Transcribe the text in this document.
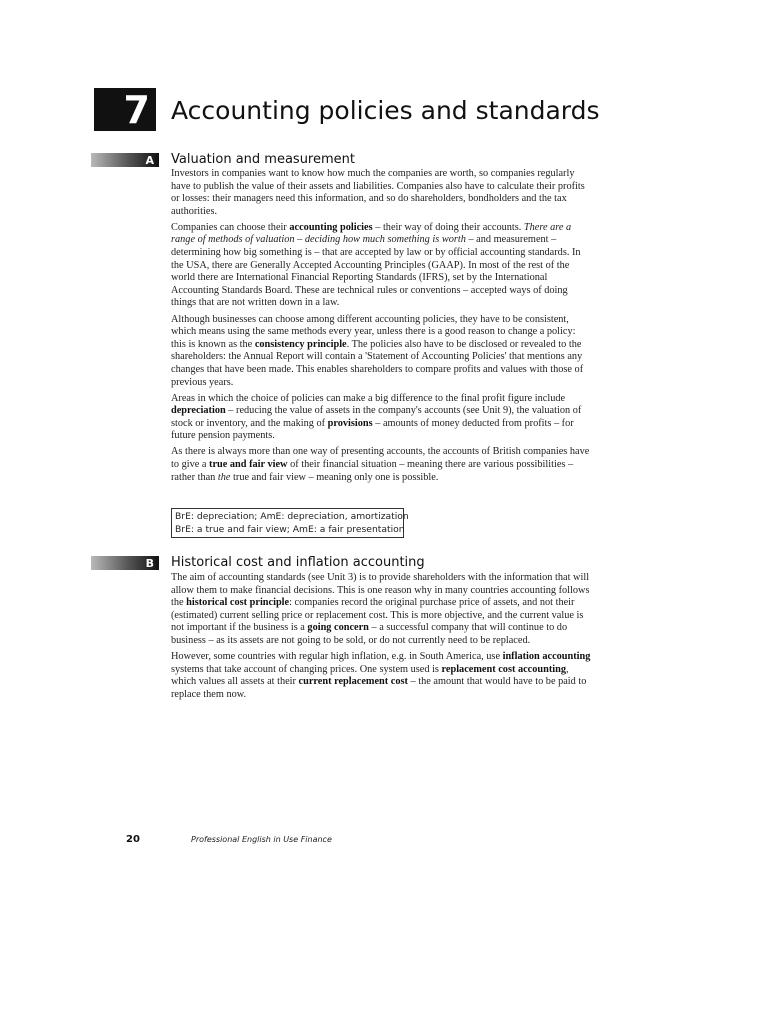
7 Accounting policies and standards
A Valuation and measurement

Investors in companies want to know how much the companies are worth, so companies regularly have to publish the value of their assets and liabilities. Companies also have to calculate their profits or losses: their managers need this information, and so do shareholders, bondholders and the tax authorities.

Companies can choose their accounting policies – their way of doing their accounts. There are a range of methods of valuation – deciding how much something is worth – and measurement – determining how big something is – that are accepted by law or by official accounting standards. In the USA, there are Generally Accepted Accounting Principles (GAAP). In most of the rest of the world there are International Financial Reporting Standards (IFRS), set by the International Accounting Standards Board. These are technical rules or conventions – accepted ways of doing things that are not written down in a law.

Although businesses can choose among different accounting policies, they have to be consistent, which means using the same methods every year, unless there is a good reason to change a policy: this is known as the consistency principle. The policies also have to be disclosed or revealed to the shareholders: the Annual Report will contain a 'Statement of Accounting Policies' that mentions any changes that have been made. This enables shareholders to compare profits and values with those of previous years.

Areas in which the choice of policies can make a big difference to the final profit figure include depreciation – reducing the value of assets in the company's accounts (see Unit 9), the valuation of stock or inventory, and the making of provisions – amounts of money deducted from profits – for future pension payments.

As there is always more than one way of presenting accounts, the accounts of British companies have to give a true and fair view of their financial situation – meaning there are various possibilities – rather than the true and fair view – meaning only one is possible.

BrE: depreciation; AmE: depreciation, amortization
BrE: a true and fair view; AmE: a fair presentation
B Historical cost and inflation accounting

The aim of accounting standards (see Unit 3) is to provide shareholders with the information that will allow them to make financial decisions. This is one reason why in many countries accounting follows the historical cost principle: companies record the original purchase price of assets, and not their (estimated) current selling price or replacement cost. This is more objective, and the current value is not important if the business is a going concern – a successful company that will continue to do business – as its assets are not going to be sold, or do not currently need to be replaced.

However, some countries with regular high inflation, e.g. in South America, use inflation accounting systems that take account of changing prices. One system used is replacement cost accounting, which values all assets at their current replacement cost – the amount that would have to be paid to replace them now.

20	Professional English in Use Finance
